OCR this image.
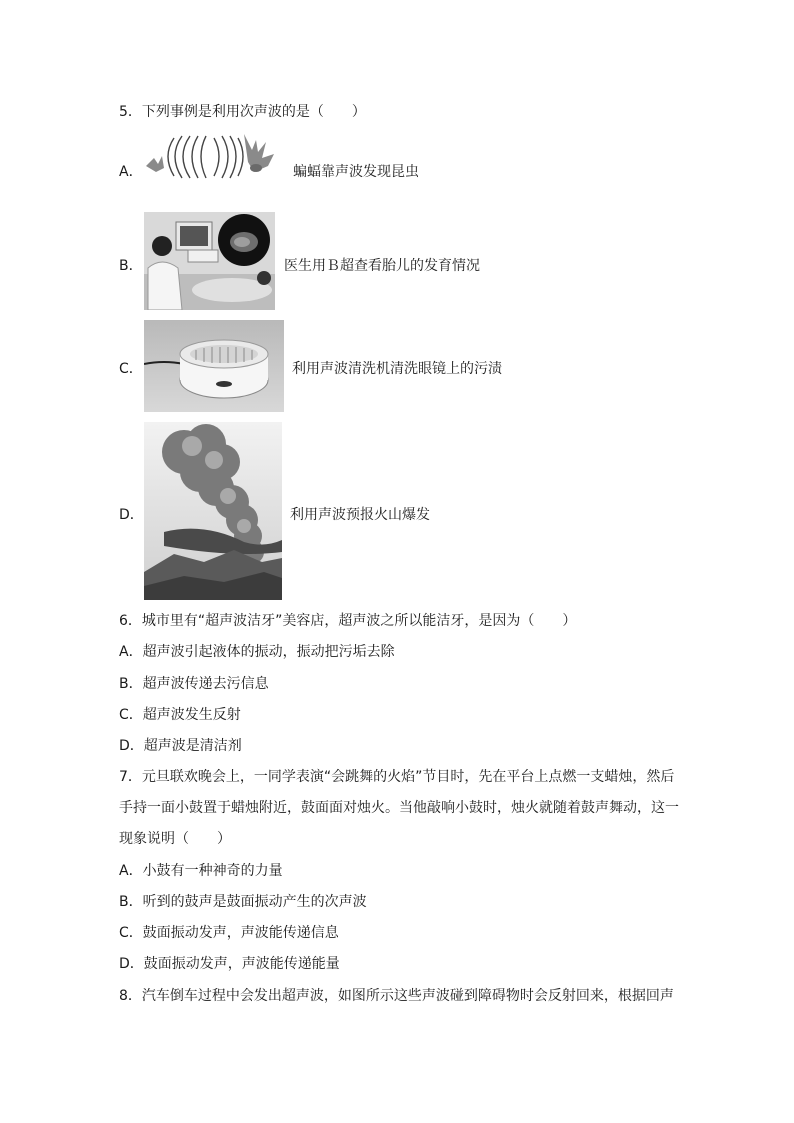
5．下列事例是利用次声波的是（　　）
A．	蝙蝠靠声波发现昆虫
B．	医生用Ｂ超查看胎儿的发育情况
C．	利用声波清洗机清洗眼镜上的污渍
D．	利用声波预报火山爆发
6．城市里有“超声波洁牙”美容店，超声波之所以能洁牙，是因为（　　）
A．超声波引起液体的振动，振动把污垢去除
B．超声波传递去污信息
C．超声波发生反射
D．超声波是清洁剂
7．元旦联欢晚会上，一同学表演“会跳舞的火焰”节目时，先在平台上点燃一支蜡烛，然后
手持一面小鼓置于蜡烛附近，鼓面面对烛火。当他敲响小鼓时，烛火就随着鼓声舞动，这一
现象说明（　　）
A．小鼓有一种神奇的力量
B．听到的鼓声是鼓面振动产生的次声波
C．鼓面振动发声，声波能传递信息
D．鼓面振动发声，声波能传递能量
8．汽车倒车过程中会发出超声波，如图所示这些声波碰到障碍物时会反射回来，根据回声
